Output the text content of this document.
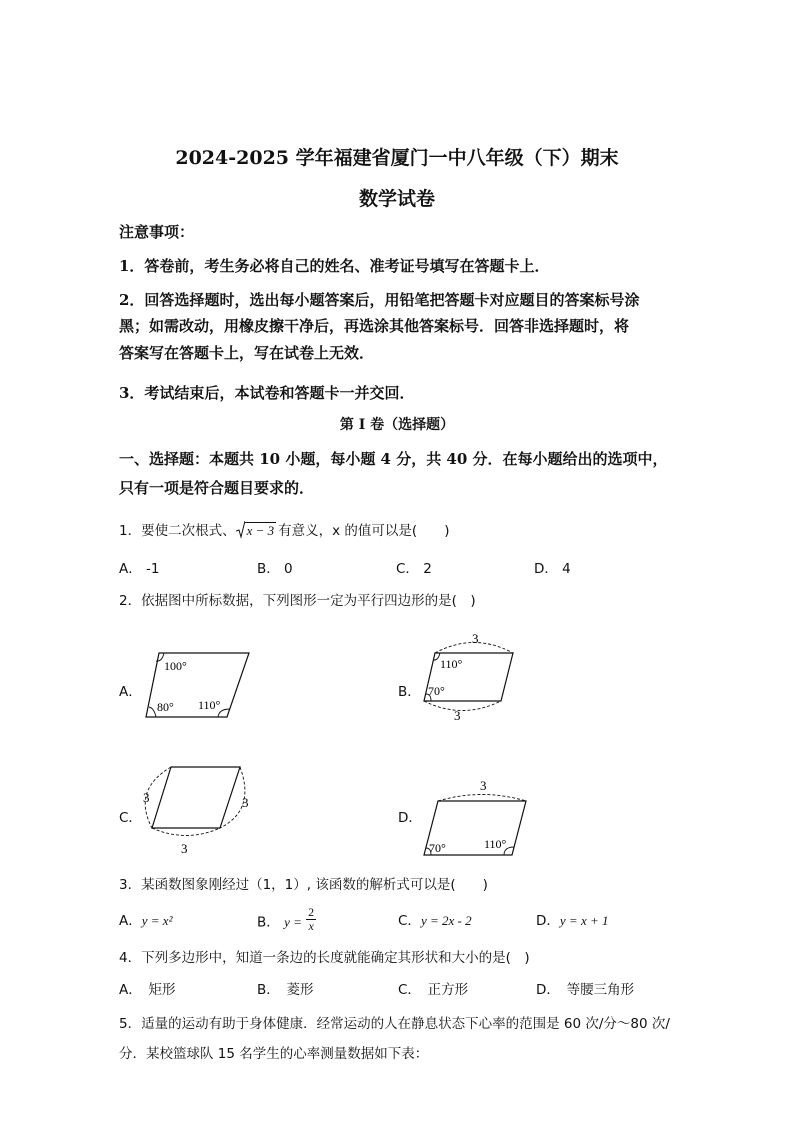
2024-2025 学年福建省厦门一中八年级（下）期末
数学试卷
注意事项：
1．答卷前，考生务必将自己的姓名、准考证号填写在答题卡上．
2．回答选择题时，选出每小题答案后，用铅笔把答题卡对应题目的答案标号涂
黑；如需改动，用橡皮擦干净后，再选涂其他答案标号．回答非选择题时，将
答案写在答题卡上，写在试卷上无效．
3．考试结束后，本试卷和答题卡一并交回．
第 I 卷（选择题）
一、选择题：本题共 10 小题，每小题 4 分，共 40 分．在每小题给出的选项中，
只有一项是符合题目要求的．
1．要使二次根式、 x − 3 有意义，x 的值可以是(　　)
A． -1	B． 0	C． 2	D． 4
2．依据图中所标数据，下列图形一定为平行四边形的是(　)
A．	B．
C．	D．
100°
80° 110°
3
110°
70°
3
3	3
3
3
70°	110°
3．某函数图象刚经过（1，1）, 该函数的解析式可以是(　　)
A．y = x²	B． $y = \frac{2}{x}$	C．y = 2x - 2	D．y = x + 1
4．下列多边形中，知道一条边的长度就能确定其形状和大小的是(　)
A．　矩形	B．　菱形	C．　正方形	D．　等腰三角形
5．适量的运动有助于身体健康．经常运动的人在静息状态下心率的范围是 60 次/分～80 次/
分．某校篮球队 15 名学生的心率测量数据如下表：
